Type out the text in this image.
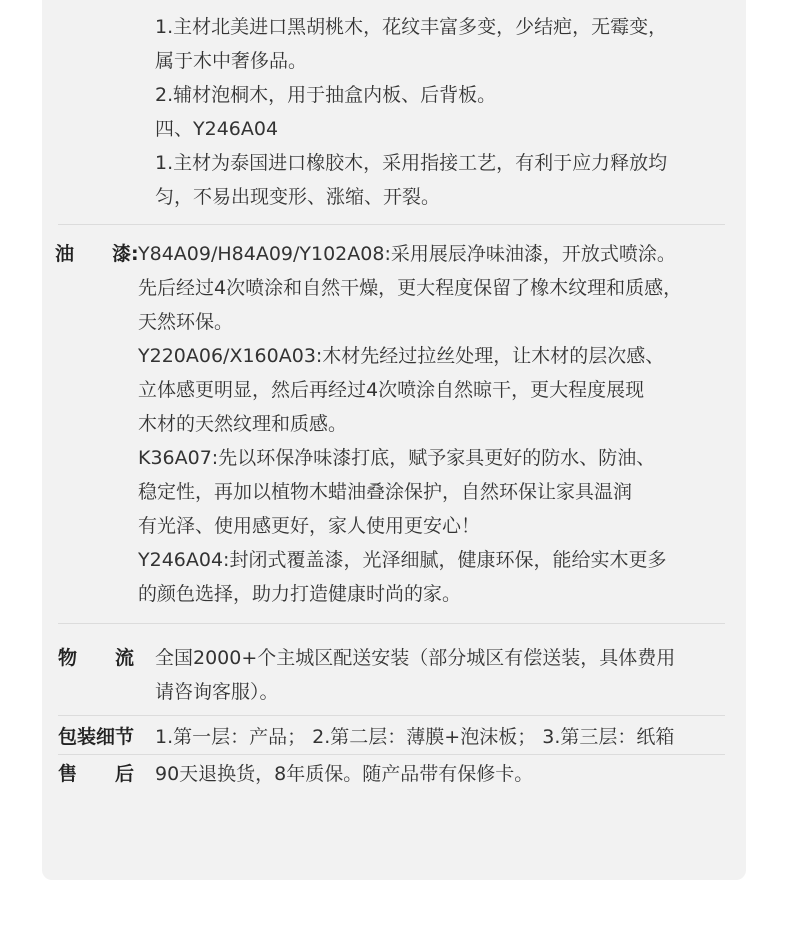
1.主材北美进口黑胡桃木，花纹丰富多变，少结疤，无霉变，
属于木中奢侈品。
2.辅材泡桐木，用于抽盒内板、后背板。
四、Y246A04
1.主材为泰国进口橡胶木，采用指接工艺，有利于应力释放均
匀，不易出现变形、涨缩、开裂。
油　　漆: Y84A09/H84A09/Y102A08:采用展辰净味油漆，开放式喷涂。
先后经过4次喷涂和自然干燥，更大程度保留了橡木纹理和质感，
天然环保。
Y220A06/X160A03:木材先经过拉丝处理，让木材的层次感、
立体感更明显，然后再经过4次喷涂自然晾干，更大程度展现
木材的天然纹理和质感。
K36A07:先以环保净味漆打底，赋予家具更好的防水、防油、
稳定性，再加以植物木蜡油叠涂保护，自然环保让家具温润
有光泽、使用感更好，家人使用更安心！
Y246A04:封闭式覆盖漆，光泽细腻，健康环保，能给实木更多
的颜色选择，助力打造健康时尚的家。
物　　流 全国2000+个主城区配送安装（部分城区有偿送装，具体费用
请咨询客服）。
包装细节 1.第一层：产品； 2.第二层：薄膜+泡沫板； 3.第三层：纸箱
售　　后 90天退换货，8年质保。随产品带有保修卡。
